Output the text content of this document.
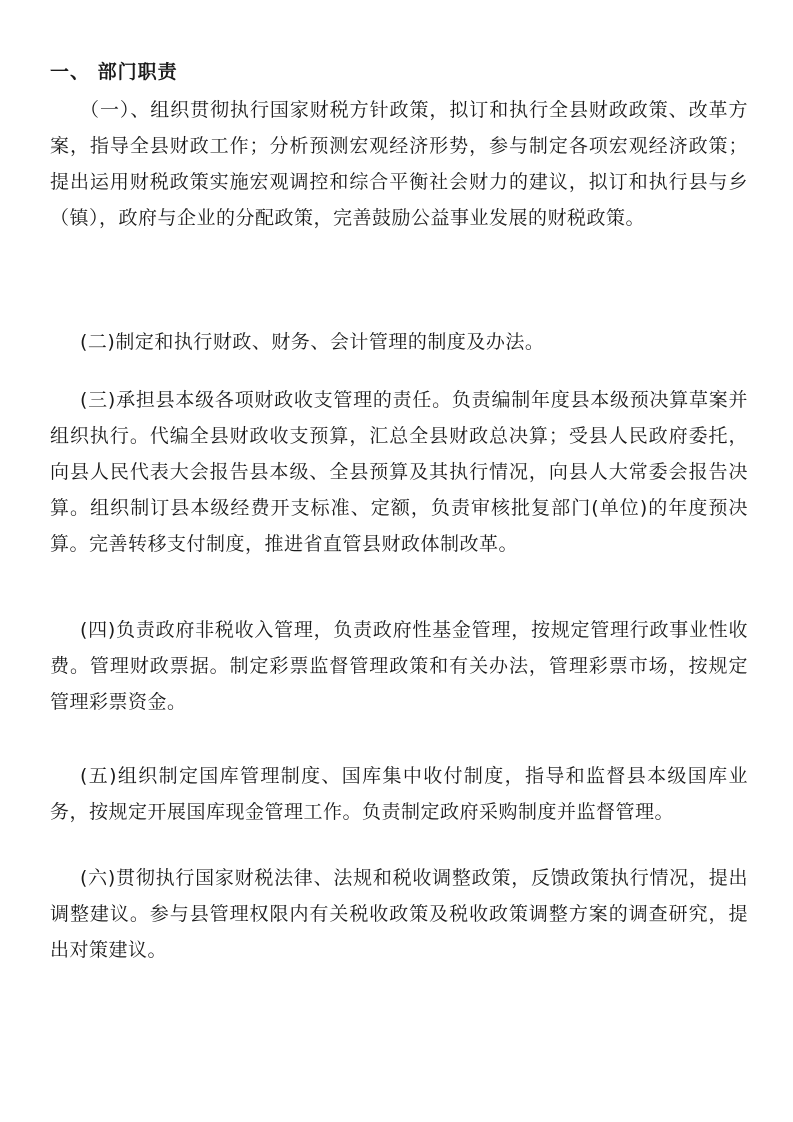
一、 部门职责

（一）、组织贯彻执行国家财税方针政策，拟订和执行全县财政政策、改革方案，指导全县财政工作；分析预测宏观经济形势，参与制定各项宏观经济政策；提出运用财税政策实施宏观调控和综合平衡社会财力的建议，拟订和执行县与乡（镇），政府与企业的分配政策，完善鼓励公益事业发展的财税政策。

(二)制定和执行财政、财务、会计管理的制度及办法。

(三)承担县本级各项财政收支管理的责任。负责编制年度县本级预决算草案并组织执行。代编全县财政收支预算，汇总全县财政总决算；受县人民政府委托，向县人民代表大会报告县本级、全县预算及其执行情况，向县人大常委会报告决算。组织制订县本级经费开支标准、定额，负责审核批复部门(单位)的年度预决算。完善转移支付制度，推进省直管县财政体制改革。

(四)负责政府非税收入管理，负责政府性基金管理，按规定管理行政事业性收费。管理财政票据。制定彩票监督管理政策和有关办法，管理彩票市场，按规定管理彩票资金。

(五)组织制定国库管理制度、国库集中收付制度，指导和监督县本级国库业务，按规定开展国库现金管理工作。负责制定政府采购制度并监督管理。

(六)贯彻执行国家财税法律、法规和税收调整政策，反馈政策执行情况，提出调整建议。参与县管理权限内有关税收政策及税收政策调整方案的调查研究，提出对策建议。
